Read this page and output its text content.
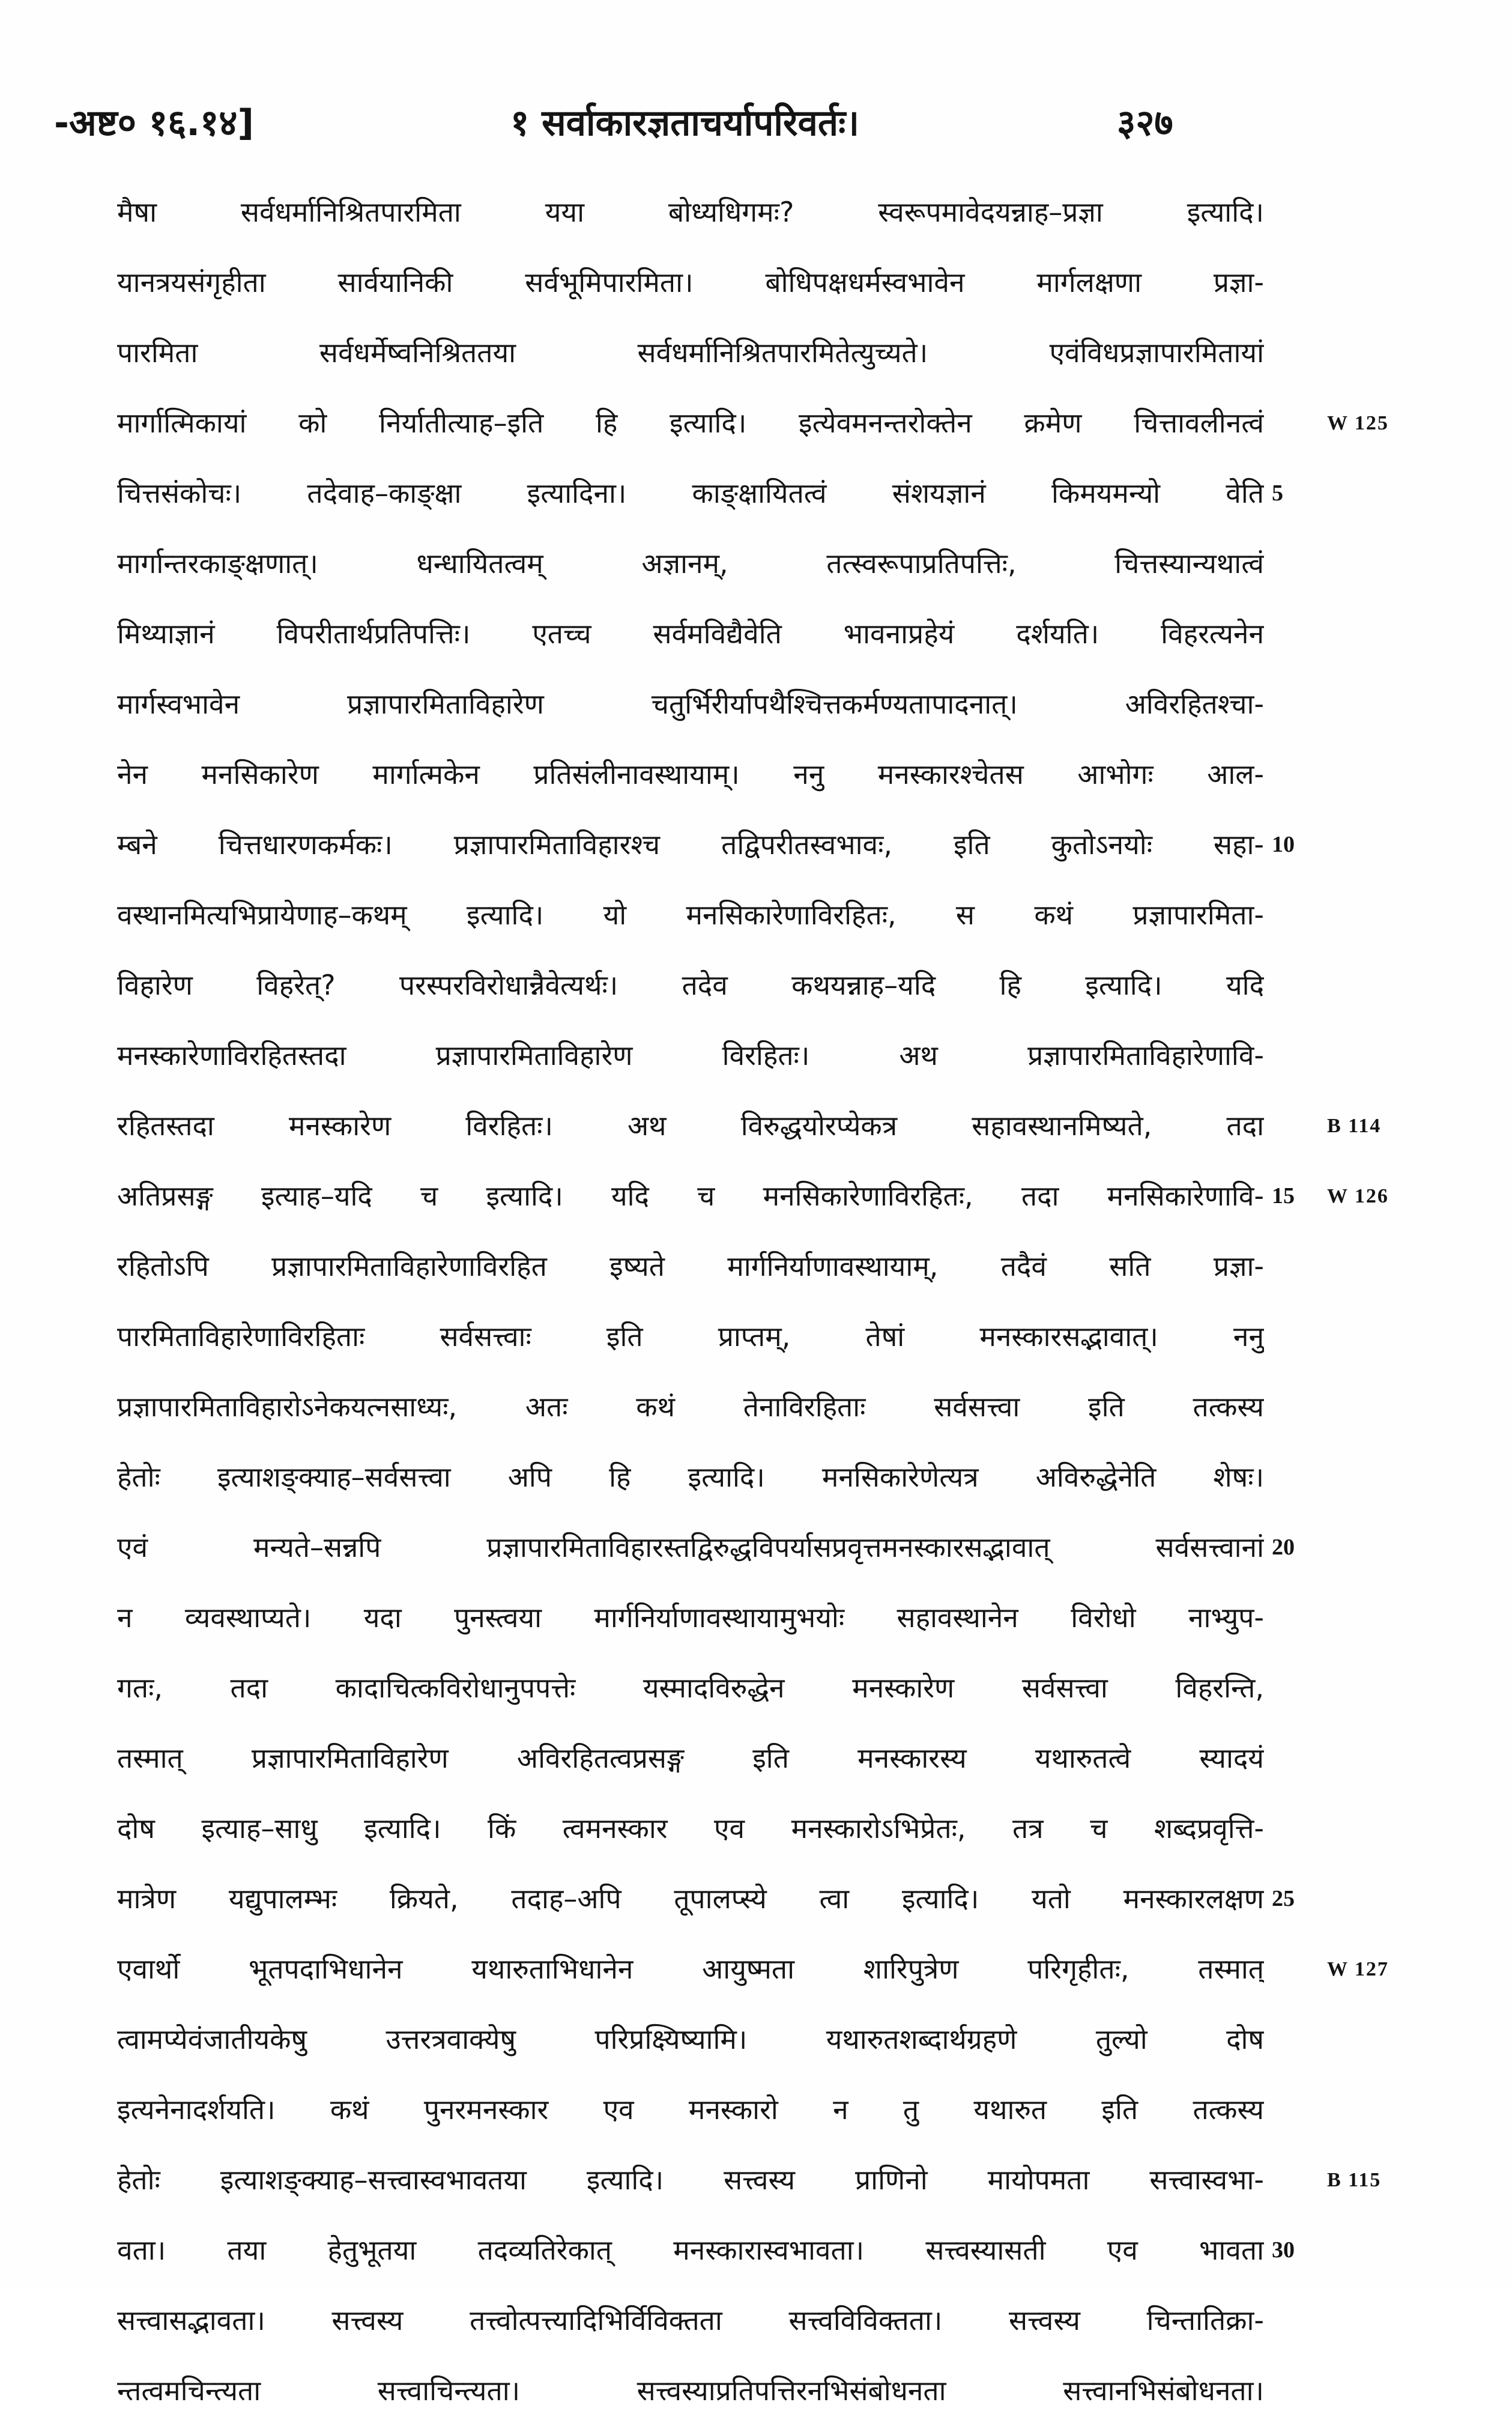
-अष्ट० १६.१४]	१ सर्वाकारज्ञताचर्यापरिवर्तः।	३२७
मैषा सर्वधर्मानिश्रितपारमिता यया बोध्यधिगमः? स्वरूपमावेदयन्नाह–प्रज्ञा इत्यादि।
यानत्रयसंगृहीता सार्वयानिकी सर्वभूमिपारमिता। बोधिपक्षधर्मस्वभावेन मार्गलक्षणा प्रज्ञा-
पारमिता सर्वधर्मेष्वनिश्रिततया सर्वधर्मानिश्रितपारमितेत्युच्यते। एवंविधप्रज्ञापारमितायां
मार्गात्मिकायां को निर्यातीत्याह–इति हि इत्यादि। इत्येवमनन्तरोक्तेन क्रमेण चित्तावलीनत्वं
चित्तसंकोचः। तदेवाह–काङ्क्षा इत्यादिना। काङ्क्षायितत्वं संशयज्ञानं किमयमन्यो वेति
मार्गान्तरकाङ्क्षणात्। धन्धायितत्वम् अज्ञानम्, तत्स्वरूपाप्रतिपत्तिः, चित्तस्यान्यथात्वं
मिथ्याज्ञानं विपरीतार्थप्रतिपत्तिः। एतच्च सर्वमविद्यैवेति भावनाप्रहेयं दर्शयति। विहरत्यनेन
मार्गस्वभावेन प्रज्ञापारमिताविहारेण चतुर्भिरीर्यापथैश्चित्तकर्मण्यतापादनात्। अविरहितश्चा-
नेन मनसिकारेण मार्गात्मकेन प्रतिसंलीनावस्थायाम्। ननु मनस्कारश्चेतस आभोगः आल-
म्बने चित्तधारणकर्मकः। प्रज्ञापारमिताविहारश्च तद्विपरीतस्वभावः, इति कुतोऽनयोः सहा-
वस्थानमित्यभिप्रायेणाह–कथम् इत्यादि। यो मनसिकारेणाविरहितः, स कथं प्रज्ञापारमिता-
विहारेण विहरेत्? परस्परविरोधान्नैवेत्यर्थः। तदेव कथयन्नाह–यदि हि इत्यादि। यदि
मनस्कारेणाविरहितस्तदा प्रज्ञापारमिताविहारेण विरहितः। अथ प्रज्ञापारमिताविहारेणावि-
रहितस्तदा मनस्कारेण विरहितः। अथ विरुद्धयोरप्येकत्र सहावस्थानमिष्यते, तदा
अतिप्रसङ्ग इत्याह–यदि च इत्यादि। यदि च मनसिकारेणाविरहितः, तदा मनसिकारेणावि-
रहितोऽपि प्रज्ञापारमिताविहारेणाविरहित इष्यते मार्गनिर्याणावस्थायाम्, तदैवं सति प्रज्ञा-
पारमिताविहारेणाविरहिताः सर्वसत्त्वाः इति प्राप्तम्, तेषां मनस्कारसद्भावात्। ननु
प्रज्ञापारमिताविहारोऽनेकयत्नसाध्यः, अतः कथं तेनाविरहिताः सर्वसत्त्वा इति तत्कस्य
हेतोः इत्याशङ्क्याह–सर्वसत्त्वा अपि हि इत्यादि। मनसिकारेणेत्यत्र अविरुद्धेनेति शेषः।
एवं मन्यते–सन्नपि प्रज्ञापारमिताविहारस्तद्विरुद्धविपर्यासप्रवृत्तमनस्कारसद्भावात् सर्वसत्त्वानां
न व्यवस्थाप्यते। यदा पुनस्त्वया मार्गनिर्याणावस्थायामुभयोः सहावस्थानेन विरोधो नाभ्युप-
गतः, तदा कादाचित्कविरोधानुपपत्तेः यस्मादविरुद्धेन मनस्कारेण सर्वसत्त्वा विहरन्ति,
तस्मात् प्रज्ञापारमिताविहारेण अविरहितत्वप्रसङ्ग इति मनस्कारस्य यथारुतत्वे स्यादयं
दोष इत्याह–साधु इत्यादि। किं त्वमनस्कार एव मनस्कारोऽभिप्रेतः, तत्र च शब्दप्रवृत्ति-
मात्रेण यद्युपालम्भः क्रियते, तदाह–अपि तूपालप्स्ये त्वा इत्यादि। यतो मनस्कारलक्षण
एवार्थो भूतपदाभिधानेन यथारुताभिधानेन आयुष्मता शारिपुत्रेण परिगृहीतः, तस्मात्
त्वामप्येवंजातीयकेषु उत्तरत्रवाक्येषु परिप्रक्ष्यिष्यामि। यथारुतशब्दार्थग्रहणे तुल्यो दोष
इत्यनेनादर्शयति। कथं पुनरमनस्कार एव मनस्कारो न तु यथारुत इति तत्कस्य
हेतोः इत्याशङ्क्याह–सत्त्वास्वभावतया इत्यादि। सत्त्वस्य प्राणिनो मायोपमता सत्त्वास्वभा-
वता। तया हेतुभूतया तदव्यतिरेकात् मनस्कारास्वभावता। सत्त्वस्यासती एव भावता
सत्त्वासद्भावता। सत्त्वस्य तत्त्वोत्पत्त्यादिभिर्विविक्तता सत्त्वविविक्तता। सत्त्वस्य चिन्तातिक्रा-
न्तत्वमचिन्त्यता सत्त्वाचिन्त्यता। सत्त्वस्याप्रतिपत्तिरनभिसंबोधनता सत्त्वानभिसंबोधनता।
5
10
15
20
25
30
W 125
B 114
W 126
W 127
B 115
